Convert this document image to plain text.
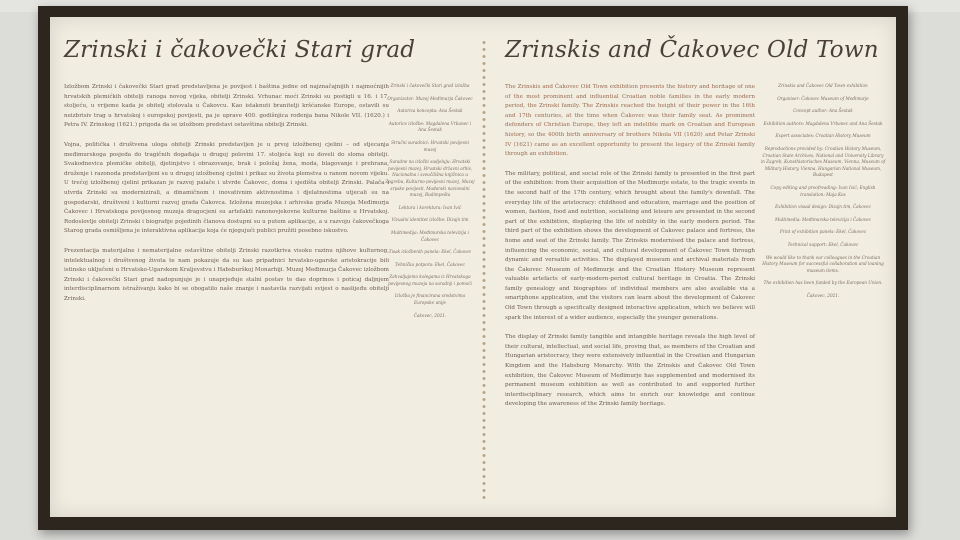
Zrinski i čakovečki Stari grad	Zrinskis and Čakovec Old Town

Izložbom Zrinski i čakovečki Stari grad predstavljena je povijest i baština jedne od najznačajnijih i najmoćnijih hrvatskih plemićkih obitelji ranoga novog vijeka, obitelji Zrinski. Vrhunac moći Zrinski su postigli u 16. i 17. stoljeću, u vrijeme kada je obitelj stolovala u Čakovcu. Kao istaknuti branitelji kršćanske Europe, ostavili su neizbrisiv trag u hrvatskoj i europskoj povijesti, pa je uprave 400. godišnjica rođenja bana Nikole VII. (1620.) i Petra IV. Zrinskog (1621.) prigoda da se izložbom predstavi ostavština obitelji Zrinski.

Vojna, politička i društvena uloga obitelji Zrinski predstavljen je u prvoj izložbenoj cjelini – od stjecanja međimurskoga posjeda do tragičnih događaja u drugoj polovini 17. stoljeća koji su doveli do sloma obitelji. Svakodnevica plemićke obitelji, djetinjstvo i obrazovanje, brak i položaj žena, moda, blagovanje i prehrana, druženje i razonoda predstavljeni su u drugoj izložbenoj cjelini i prikaz su života plemstva u ranom novom vijeku. U trećoj izložbenoj cjelini prikazan je razvoj palače i utvrde Čakovec, doma i sjedišta obitelji Zrinski. Palača i utvrda Zrinski su modernizirali, a dinamičnom i inovativnim aktivnostima i djelatnostima utjecali su na gospodarski, društveni i kulturni razvoj grada Čakovca. Izložena muzejska i arhivska građa Muzeja Međimurja Čakovec i Hrvatskoga povijesnog muzeja dragocjeni su artefakti ranonovjekovne kulturne baštine u Hrvatskoj. Rodoslovlje obitelji Zrinski i biografije pojedinih članova dostupni su u putem aplikacije, a u razvoju čakovečkoga Starog grada osmišljena je interaktivna aplikacija koja će njegujući publici pružiti posebno iskustvo.

Prezentacija materijalne i nematerijalne ostavštine obitelji Zrinski razotkriva visoku razinu njihove kulturnog, intelektualnog i društvenog života te nam pokazuje da su kao pripadnici hrvatsko-ugarske aristokracije bili istinsko uključeni u Hrvatsko-Ugarskom Kraljevstvu i Habsburškoj Monarhiji. Muzej Međimurja Čakovec izložbom Zrinski i čakovečki Stari grad nadopunjuje je i unaprjeđuje stalni postav te dao doprinos i poticaj daljnjem interdisciplinarnom istraživanju kako bi se obogatilo naše znanje i nastavila razvijati svijest o naslijeđu obitelji Zrinski.

Zrinski i čakovečki Stari grad izložba
Organizator: Muzej Međimurja Čakovec
Autorica koncepta: Ana Šestak
Autorice izložbe: Magdalena Vrbanec i Ana Šestak
Stručni suradnici: Hrvatski povijesni muzej
Suradne na izložbi sudjeluju: Hrvatski povijesni muzej, Hrvatski državni arhiv, Nacionalna i sveučilišna knjižnica u Zagrebu, Kulturno-povijesni muzej, Muzej srpske povijesti, Mađarski nacionalni muzej, Budimpešta
Lektura i korektura: Ivan Ivić
Vizualni identitet izložbe: Dizajn tim
Multimedija: Međimurska televizija i Čakovec
Tisak izložbenih panela: Ekel, Čakovec
Tehnička potpora: Ekel, Čakovec
Zahvaljujemo kolegama iz Hrvatskoga povijesnog muzeja na suradnji i pomoći
Izložba je financirana sredstvima Europske unije
Čakovec, 2021.

The Zrinskis and Čakovec Old Town exhibition presents the history and heritage of one of the most prominent and influential Croatian noble families in the early modern period, the Zrinski family. The Zrinskis reached the height of their power in the 16th and 17th centuries, at the time when Čakovec was their family seat. As prominent defenders of Christian Europe, they left an indelible mark on Croatian and European history, so the 400th birth anniversary of brothers Nikola VII (1620) and Petar Zrinski IV (1621) came as an excellent opportunity to present the legacy of the Zrinski family through an exhibition.

The military, political, and social role of the Zrinski family is presented in the first part of the exhibition: from their acquisition of the Međimurje estate, to the tragic events in the second half of the 17th century, which brought about the family's downfall. The everyday life of the aristocracy: childhood and education, marriage and the position of women, fashion, food and nutrition, socialising and leisure are presented in the second part of the exhibition, displaying the life of nobility in the early modern period. The third part of the exhibition shows the development of Čakovec palace and fortress, the home and seat of the Zrinski family. The Zrinskis modernised the palace and fortress, influencing the economic, social, and cultural development of Čakovec Town through dynamic and versatile activities. The displayed museum and archival materials from the Čakovec Museum of Međimurje and the Croatian History Museum represent valuable artefacts of early-modern-period cultural heritage in Croatia. The Zrinski family genealogy and biographies of individual members are also available via a smartphone application, and the visitors can learn about the development of Čakovec Old Town through a specifically designed interactive application, which we believe will spark the interest of a wider audience, especially the younger generations.

The display of Zrinski family tangible and intangible heritage reveals the high level of their cultural, intellectual, and social life, proving that, as members of the Croatian and Hungarian aristocracy, they were extensively influential in the Croatian and Hungarian Kingdom and the Habsburg Monarchy. With the Zrinskis and Čakovec Old Town exhibition, the Čakovec Museum of Međimurje has supplemented and modernised its permanent museum exhibition as well as contributed to and supported further interdisciplinary research, which aims to enrich our knowledge and continue developing the awareness of the Zrinski family heritage.

Zrinskis and Čakovec Old Town exhibition
Organiser: Čakovec Museum of Međimurje
Concept author: Ana Šestak
Exhibition authors: Magdalena Vrbanec and Ana Šestak
Expert associates: Croatian History Museum
Reproductions provided by: Croatian History Museum, Croatian State Archives, National and University Library in Zagreb, Kunsthistorisches Museum, Vienna, Museum of Military History, Vienna, Hungarian National Museum, Budapest
Copy editing and proofreading: Ivan Ivić; English translation: Maja Kos
Exhibition visual design: Dizajn tim, Čakovec
Multimedia: Međimurska televizija i Čakovec
Print of exhibition panels: Ekel, Čakovec
Technical support: Ekel, Čakovec
We would like to thank our colleagues in the Croatian History Museum for successful collaboration and loaning museum items.
The exhibition has been funded by the European Union.
Čakovec, 2021.
